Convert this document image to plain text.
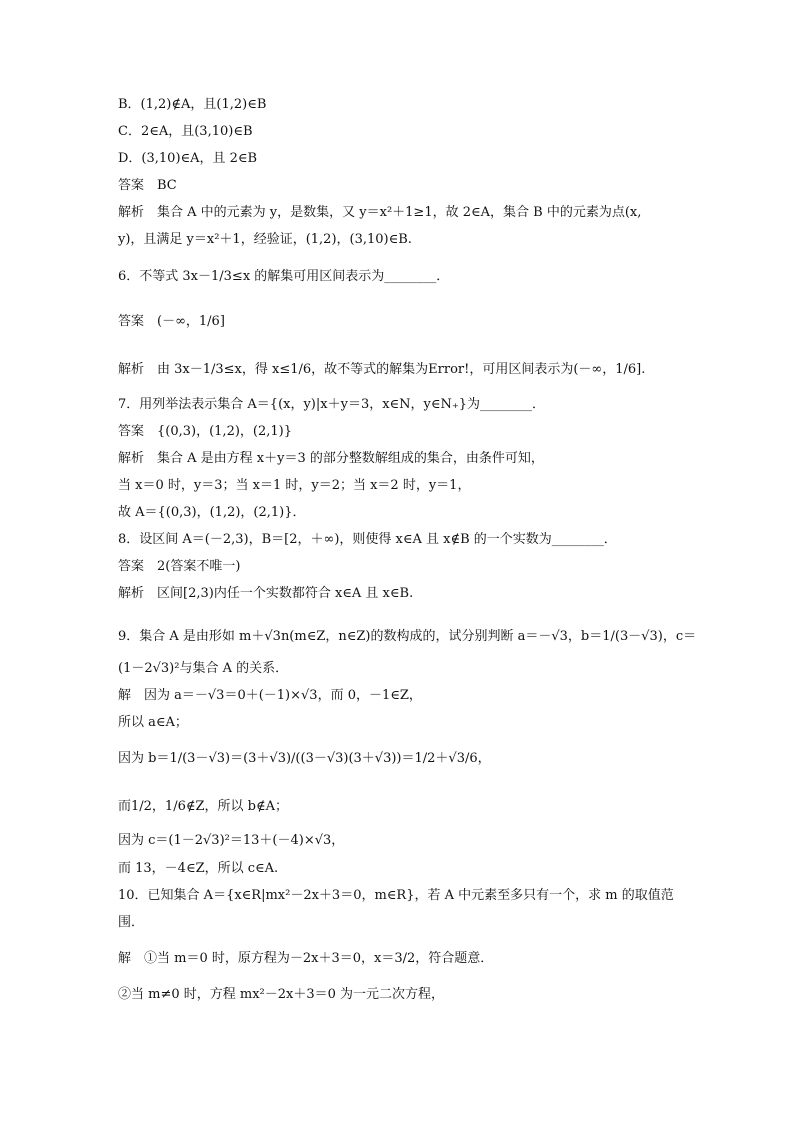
B．(1,2)∉A，且(1,2)∈B
C．2∈A，且(3,10)∈B
D．(3,10)∈A，且 2∈B
答案　BC
解析　集合 A 中的元素为 y，是数集，又 y＝x²＋1≥1，故 2∈A，集合 B 中的元素为点(x,
y)，且满足 y＝x²＋1，经验证，(1,2)，(3,10)∈B.
6．不等式 3x－1/3≤x 的解集可用区间表示为________．
答案　(－∞，1/6]
解析　由 3x－1/3≤x，得 x≤1/6，故不等式的解集为Error!，可用区间表示为(－∞，1/6].
7．用列举法表示集合 A＝{(x，y)|x＋y＝3，x∈N，y∈N₊}为________．
答案　{(0,3)，(1,2)，(2,1)}
解析　集合 A 是由方程 x＋y＝3 的部分整数解组成的集合，由条件可知，
当 x＝0 时，y＝3；当 x＝1 时，y＝2；当 x＝2 时，y＝1，
故 A＝{(0,3)，(1,2)，(2,1)}．
8．设区间 A＝(－2,3)，B＝[2，＋∞)，则使得 x∈A 且 x∉B 的一个实数为________．
答案　2(答案不唯一)
解析　区间[2,3)内任一个实数都符合 x∈A 且 x∈B.
9．集合 A 是由形如 m＋√3n(m∈Z，n∈Z)的数构成的，试分别判断 a＝－√3，b＝1/(3－√3)，c＝
(1－2√3)²与集合 A 的关系．
解　因为 a＝－√3＝0＋(－1)×√3，而 0，－1∈Z，
所以 a∈A；
因为 b＝1/(3－√3)＝(3＋√3)/((3－√3)(3＋√3))＝1/2＋√3/6，
而1/2，1/6∉Z，所以 b∉A；
因为 c＝(1－2√3)²＝13＋(－4)×√3，
而 13，－4∈Z，所以 c∈A.
10．已知集合 A＝{x∈R|mx²－2x＋3＝0，m∈R}，若 A 中元素至多只有一个，求 m 的取值范
围．
解　①当 m＝0 时，原方程为－2x＋3＝0，x＝3/2，符合题意．
②当 m≠0 时，方程 mx²－2x＋3＝0 为一元二次方程，
